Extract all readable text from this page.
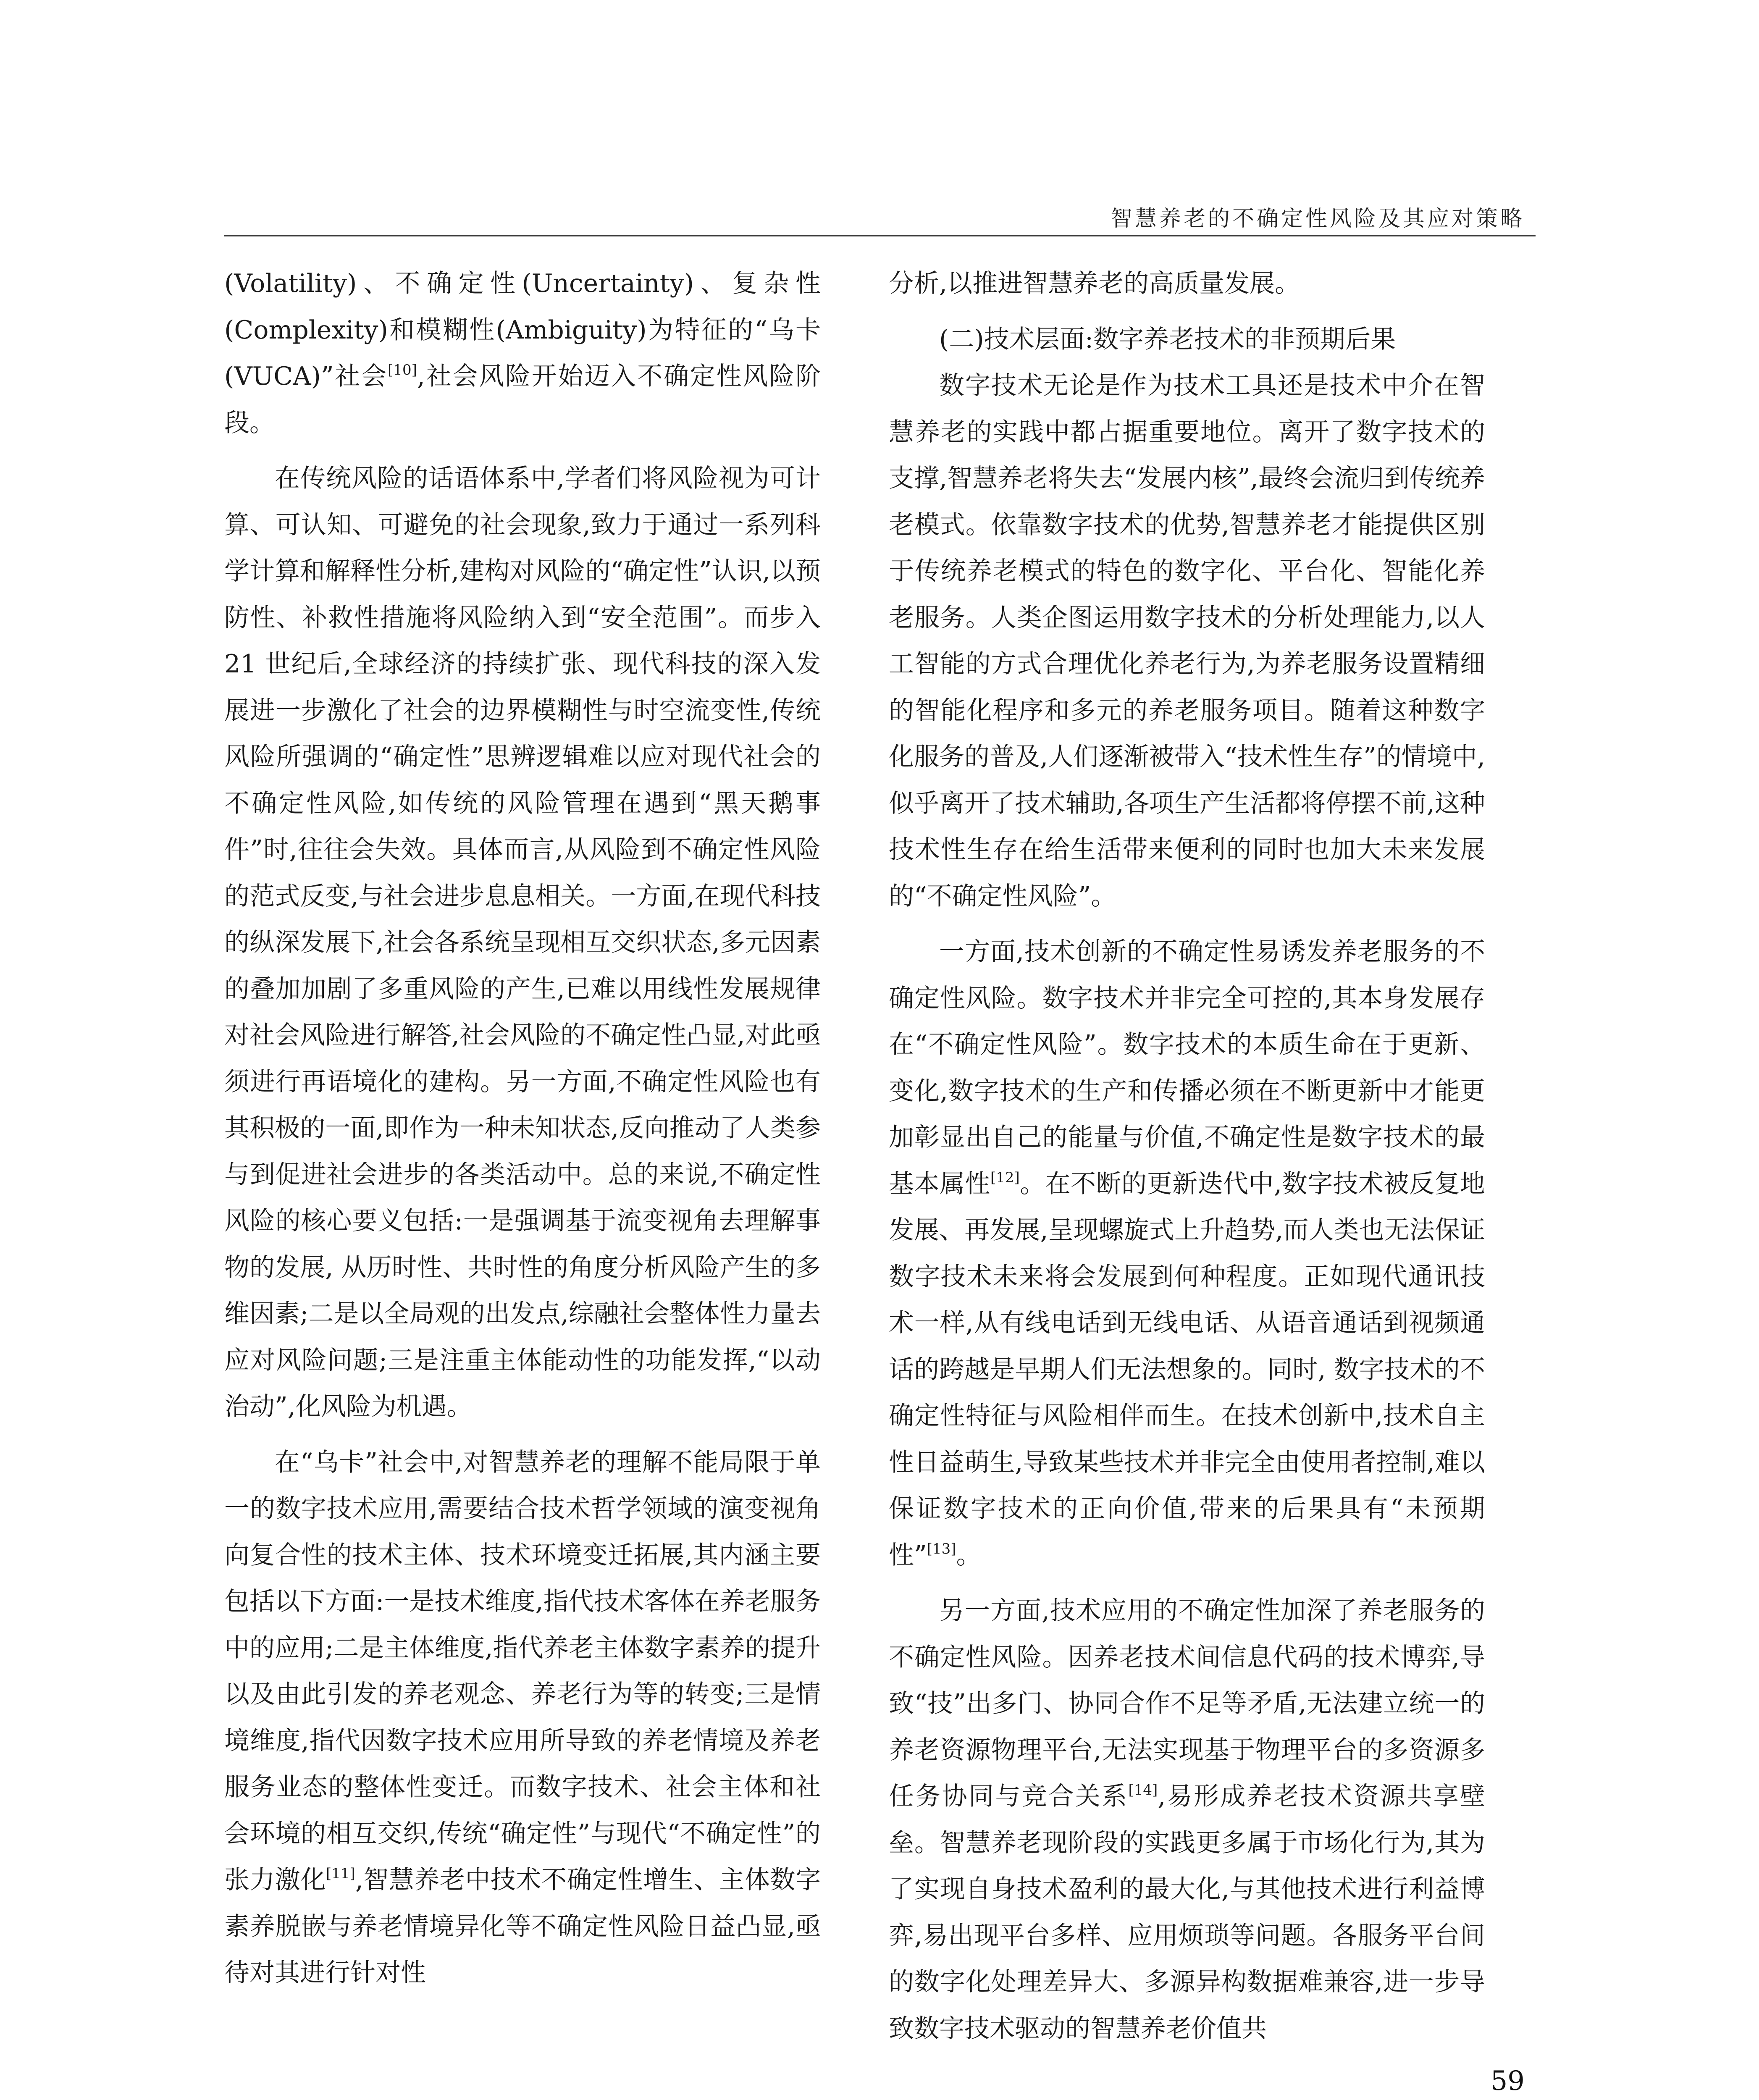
智慧养老的不确定性风险及其应对策略

(Volatility)、不确定性(Uncertainty)、复杂性(Complexity)和模糊性(Ambiguity)为特征的“乌卡(VUCA)”社会[10],社会风险开始迈入不确定性风险阶段。

在传统风险的话语体系中,学者们将风险视为可计算、可认知、可避免的社会现象,致力于通过一系列科学计算和解释性分析,建构对风险的“确定性”认识,以预防性、补救性措施将风险纳入到“安全范围”。而步入 21 世纪后,全球经济的持续扩张、现代科技的深入发展进一步激化了社会的边界模糊性与时空流变性,传统风险所强调的“确定性”思辨逻辑难以应对现代社会的不确定性风险,如传统的风险管理在遇到“黑天鹅事件”时,往往会失效。具体而言,从风险到不确定性风险的范式反变,与社会进步息息相关。一方面,在现代科技的纵深发展下,社会各系统呈现相互交织状态,多元因素的叠加加剧了多重风险的产生,已难以用线性发展规律对社会风险进行解答,社会风险的不确定性凸显,对此亟须进行再语境化的建构。另一方面,不确定性风险也有其积极的一面,即作为一种未知状态,反向推动了人类参与到促进社会进步的各类活动中。总的来说,不确定性风险的核心要义包括:一是强调基于流变视角去理解事物的发展, 从历时性、共时性的角度分析风险产生的多维因素;二是以全局观的出发点,综融社会整体性力量去应对风险问题;三是注重主体能动性的功能发挥,“以动治动”,化风险为机遇。

在“乌卡”社会中,对智慧养老的理解不能局限于单一的数字技术应用,需要结合技术哲学领域的演变视角向复合性的技术主体、技术环境变迁拓展,其内涵主要包括以下方面:一是技术维度,指代技术客体在养老服务中的应用;二是主体维度,指代养老主体数字素养的提升以及由此引发的养老观念、养老行为等的转变;三是情境维度,指代因数字技术应用所导致的养老情境及养老服务业态的整体性变迁。而数字技术、社会主体和社会环境的相互交织,传统“确定性”与现代“不确定性”的张力激化[11],智慧养老中技术不确定性增生、主体数字素养脱嵌与养老情境异化等不确定性风险日益凸显,亟待对其进行针对性

分析,以推进智慧养老的高质量发展。

(二)技术层面:数字养老技术的非预期后果

数字技术无论是作为技术工具还是技术中介在智慧养老的实践中都占据重要地位。离开了数字技术的支撑,智慧养老将失去“发展内核”,最终会流归到传统养老模式。依靠数字技术的优势,智慧养老才能提供区别于传统养老模式的特色的数字化、平台化、智能化养老服务。人类企图运用数字技术的分析处理能力,以人工智能的方式合理优化养老行为,为养老服务设置精细的智能化程序和多元的养老服务项目。随着这种数字化服务的普及,人们逐渐被带入“技术性生存”的情境中,似乎离开了技术辅助,各项生产生活都将停摆不前,这种技术性生存在给生活带来便利的同时也加大未来发展的“不确定性风险”。

一方面,技术创新的不确定性易诱发养老服务的不确定性风险。数字技术并非完全可控的,其本身发展存在“不确定性风险”。数字技术的本质生命在于更新、变化,数字技术的生产和传播必须在不断更新中才能更加彰显出自己的能量与价值,不确定性是数字技术的最基本属性[12]。在不断的更新迭代中,数字技术被反复地发展、再发展,呈现螺旋式上升趋势,而人类也无法保证数字技术未来将会发展到何种程度。正如现代通讯技术一样,从有线电话到无线电话、从语音通话到视频通话的跨越是早期人们无法想象的。同时, 数字技术的不确定性特征与风险相伴而生。在技术创新中,技术自主性日益萌生,导致某些技术并非完全由使用者控制,难以保证数字技术的正向价值,带来的后果具有“未预期性”[13]。

另一方面,技术应用的不确定性加深了养老服务的不确定性风险。因养老技术间信息代码的技术博弈,导致“技”出多门、协同合作不足等矛盾,无法建立统一的养老资源物理平台,无法实现基于物理平台的多资源多任务协同与竞合关系[14],易形成养老技术资源共享壁垒。智慧养老现阶段的实践更多属于市场化行为,其为了实现自身技术盈利的最大化,与其他技术进行利益博弈,易出现平台多样、应用烦琐等问题。各服务平台间的数字化处理差异大、多源异构数据难兼容,进一步导致数字技术驱动的智慧养老价值共

59
